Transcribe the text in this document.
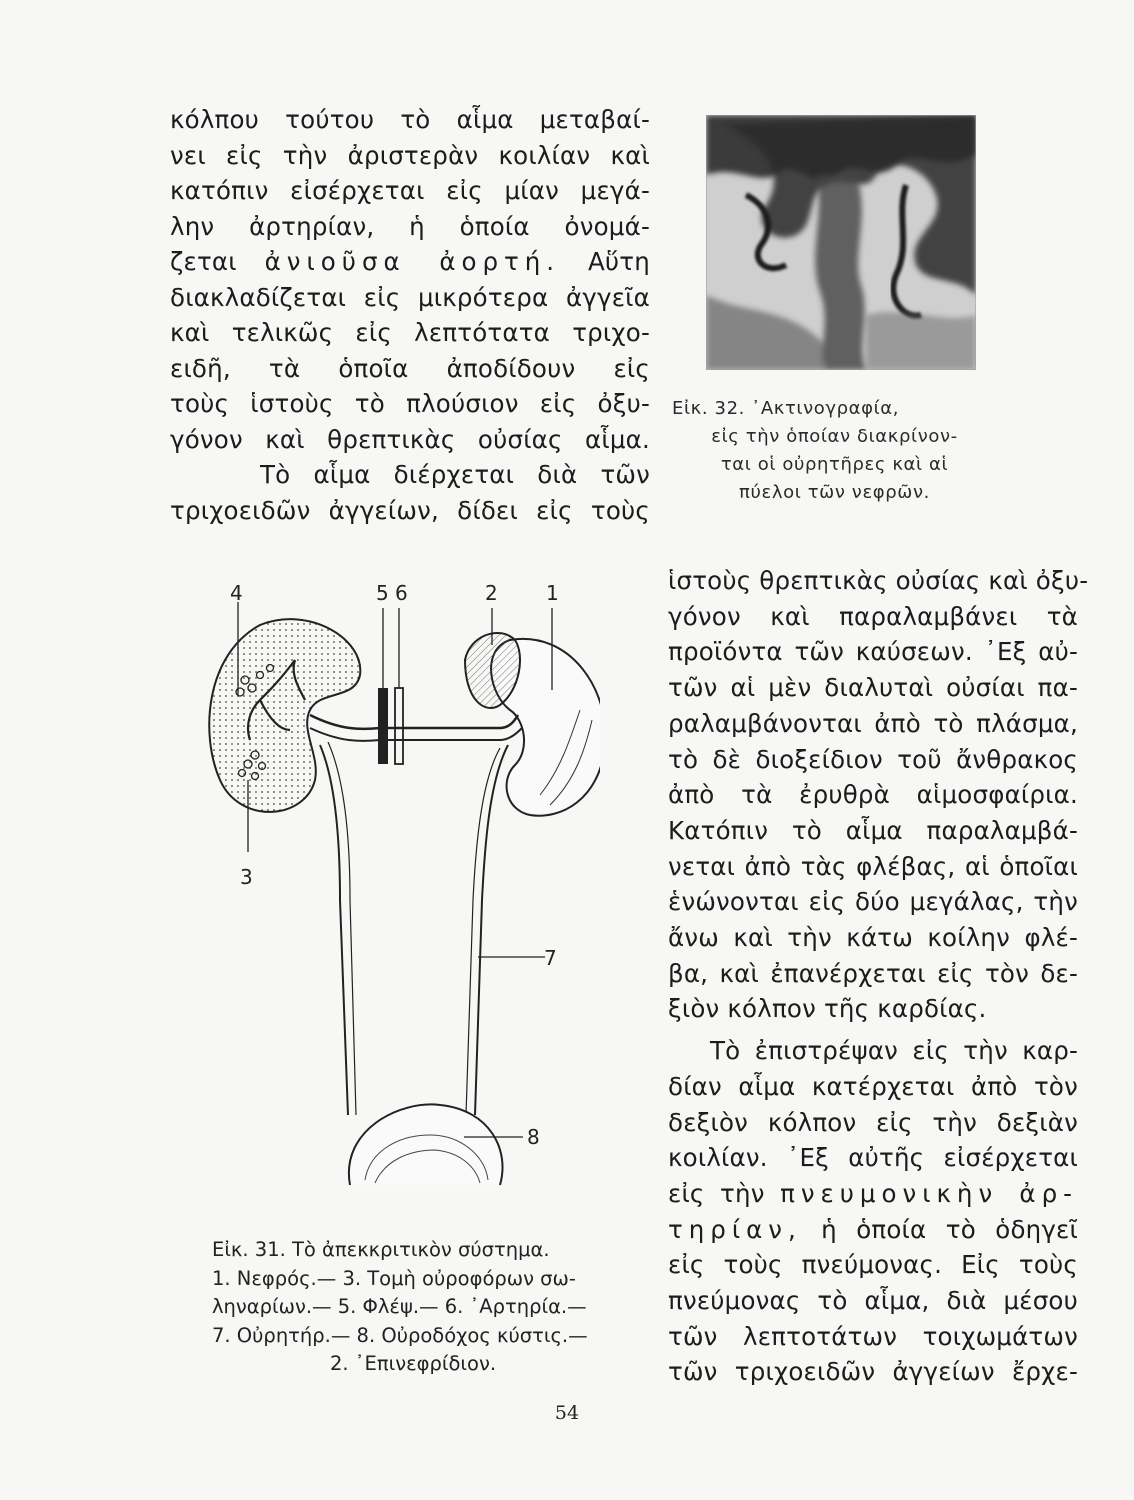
κόλπου τούτου τὸ αἷμα μεταβαί-
νει εἰς τὴν ἀριστερὰν κοιλίαν καὶ
κατόπιν εἰσέρχεται εἰς μίαν μεγά-
λην ἀρτηρίαν, ἡ ὁποία ὀνομά-
ζεται ἀνιοῦσα ἀορτή. Αὕτη
διακλαδίζεται εἰς μικρότερα ἀγγεῖα
καὶ τελικῶς εἰς λεπτότατα τριχο-
ειδῆ, τὰ ὁποῖα ἀποδίδουν εἰς
τοὺς ἱστοὺς τὸ πλούσιον εἰς ὀξυ-
γόνον καὶ θρεπτικὰς οὐσίας αἷμα.

Τὸ αἷμα διέρχεται διὰ τῶν
τριχοειδῶν ἀγγείων, δίδει εἰς τοὺς

Εἰκ. 32. ᾿Ακτινογραφία,
εἰς τὴν ὁποίαν διακρίνον-
ται οἱ οὐρητῆρες καὶ αἱ
πύελοι τῶν νεφρῶν.
4	5 6	2 1
3
7
8
Εἰκ. 31. Τὸ ἀπεκκριτικὸν σύστημα.
1. Νεφρός.— 3. Τομὴ οὐροφόρων σω-
ληναρίων.— 5. Φλέψ.— 6. ᾿Αρτηρία.—
7. Οὐρητήρ.— 8. Οὐροδόχος κύστις.—
2. ᾿Επινεφρίδιον.

ἱστοὺς θρεπτικὰς οὐσίας καὶ ὀξυ-
γόνον καὶ παραλαμβάνει τὰ
προϊόντα τῶν καύσεων. ᾿Εξ αὐ-
τῶν αἱ μὲν διαλυταὶ οὐσίαι πα-
ραλαμβάνονται ἀπὸ τὸ πλάσμα,
τὸ δὲ διοξείδιον τοῦ ἄνθρακος
ἀπὸ τὰ ἐρυθρὰ αἱμοσφαίρια.
Κατόπιν τὸ αἷμα παραλαμβά-
νεται ἀπὸ τὰς φλέβας, αἱ ὁποῖαι
ἑνώνονται εἰς δύο μεγάλας, τὴν
ἄνω καὶ τὴν κάτω κοίλην φλέ-
βα, καὶ ἐπανέρχεται εἰς τὸν δε-
ξιὸν κόλπον τῆς καρδίας.

Τὸ ἐπιστρέψαν εἰς τὴν καρ-
δίαν αἷμα κατέρχεται ἀπὸ τὸν
δεξιὸν κόλπον εἰς τὴν δεξιὰν
κοιλίαν. ᾿Εξ αὐτῆς εἰσέρχεται
εἰς τὴν πνευμονικὴν ἀρ-
τηρίαν, ἡ ὁποία τὸ ὁδηγεῖ
εἰς τοὺς πνεύμονας. Εἰς τοὺς
πνεύμονας τὸ αἷμα, διὰ μέσου
τῶν λεπτοτάτων τοιχωμάτων
τῶν τριχοειδῶν ἀγγείων ἔρχε-

54
